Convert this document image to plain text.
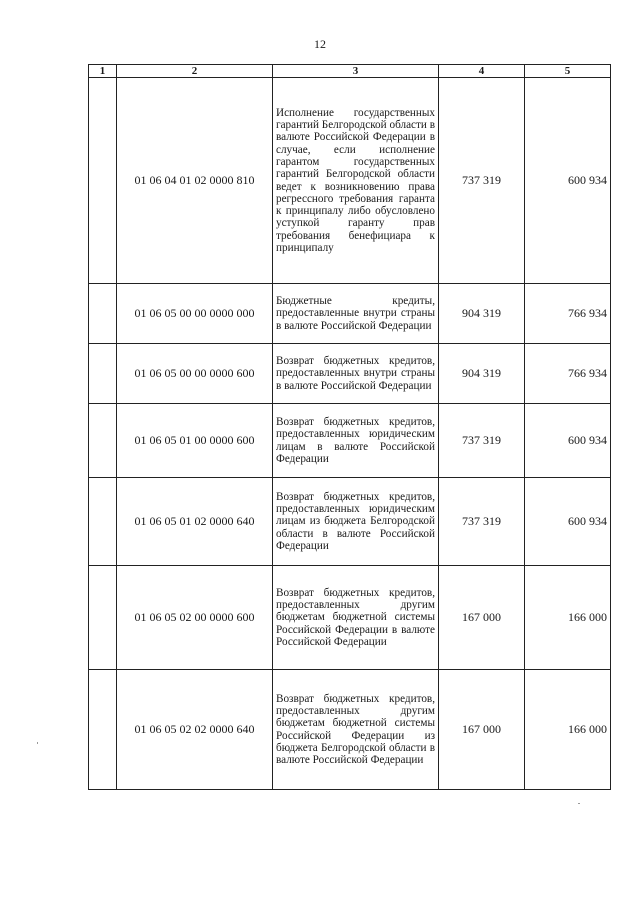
12
1	2	3	4	5
	01 06 04 01 02 0000 810	Исполнение государственных гарантий Белгородской области в валюте Российской Федерации в случае, если исполнение гарантом государственных гарантий Белгородской области ведет к возникновению права регрессного требования гаранта к принципалу либо обусловлено уступкой гаранту прав требования бенефициара к принципалу	737 319	600 934
	01 06 05 00 00 0000 000	Бюджетные кредиты, предоставленные внутри страны в валюте Российской Федерации	904 319	766 934
	01 06 05 00 00 0000 600	Возврат бюджетных кредитов, предоставленных внутри страны в валюте Российской Федерации	904 319	766 934
	01 06 05 01 00 0000 600	Возврат бюджетных кредитов, предоставленных юридическим лицам в валюте Российской Федерации	737 319	600 934
	01 06 05 01 02 0000 640	Возврат бюджетных кредитов, предоставленных юридическим лицам из бюджета Белгородской области в валюте Российской Федерации	737 319	600 934
	01 06 05 02 00 0000 600	Возврат бюджетных кредитов, предоставленных другим бюджетам бюджетной системы Российской Федерации в валюте Российской Федерации	167 000	166 000
	01 06 05 02 02 0000 640	Возврат бюджетных кредитов, предоставленных другим бюджетам бюджетной системы Российской Федерации из бюджета Белгородской области в валюте Российской Федерации	167 000	166 000
